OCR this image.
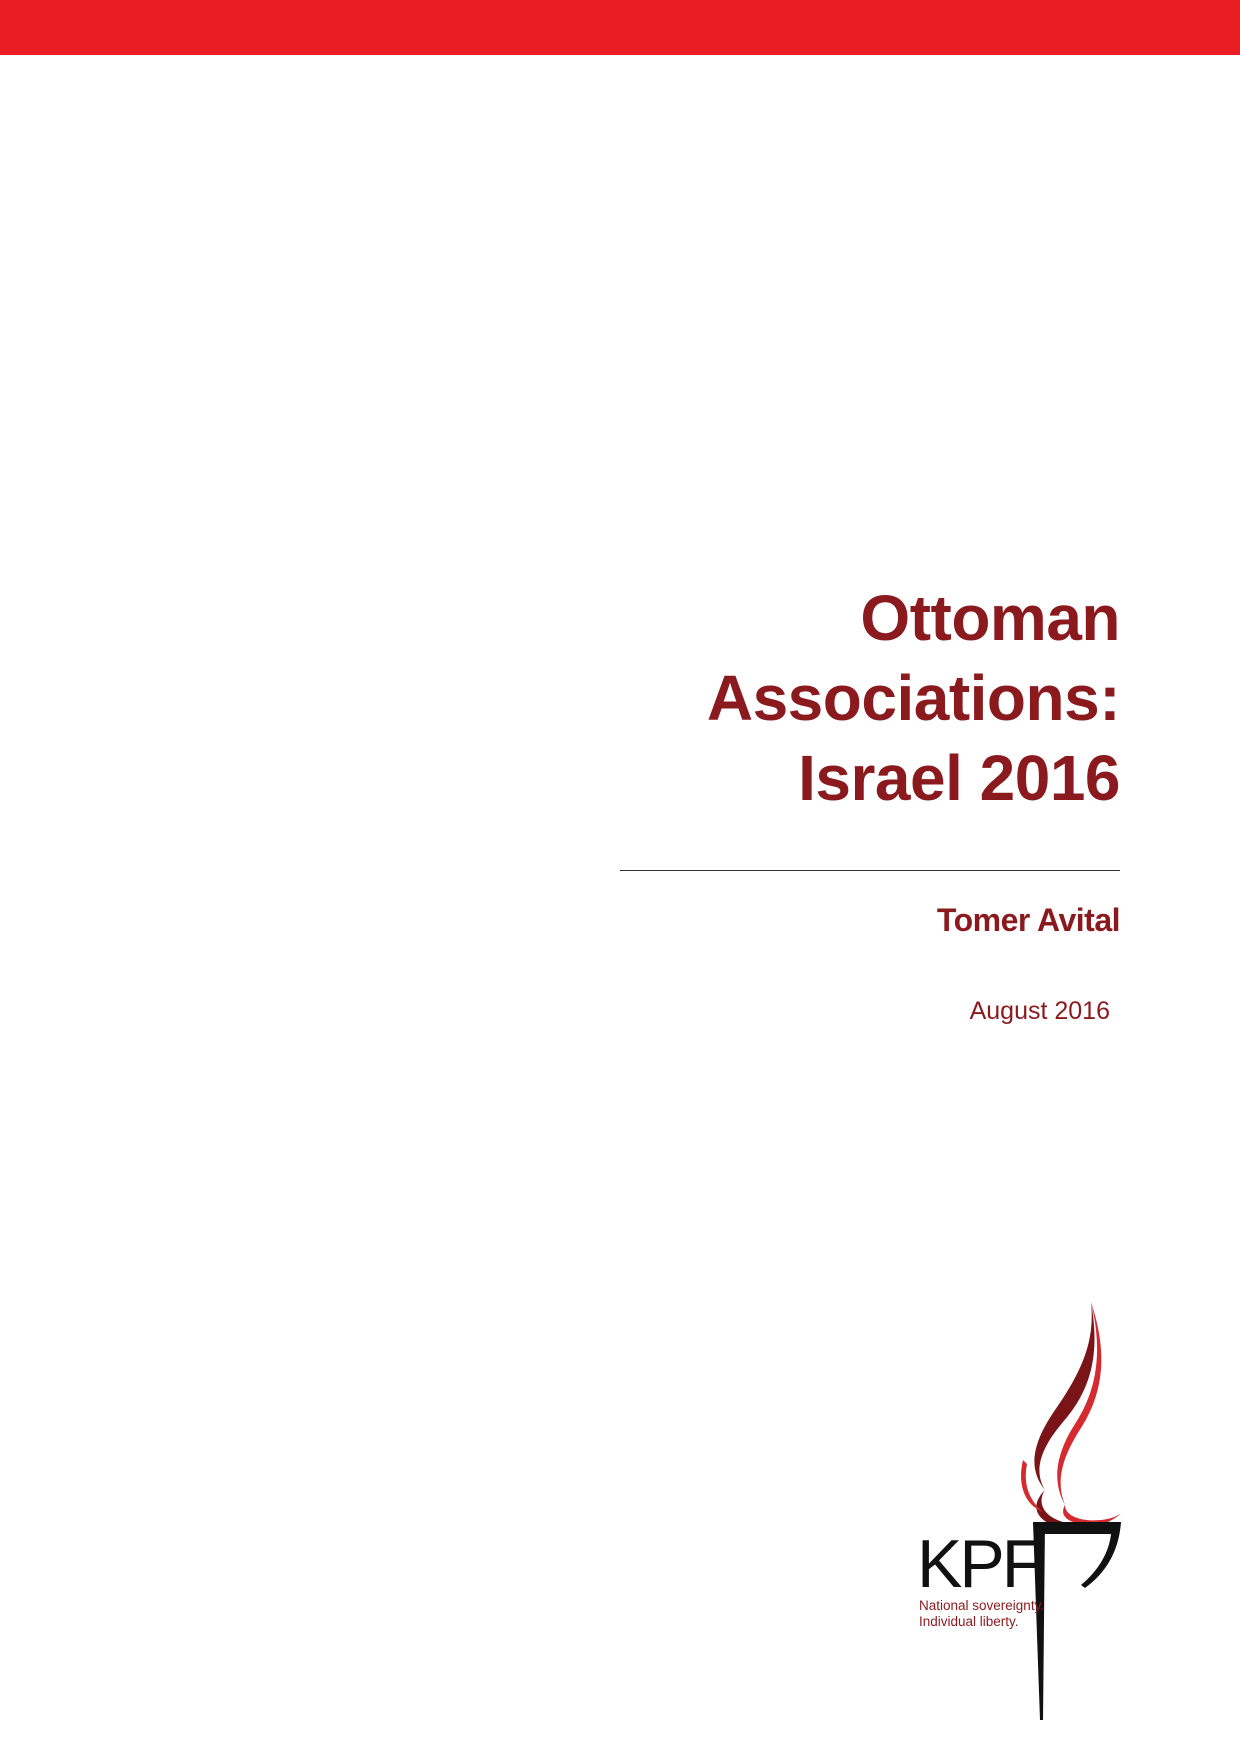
Ottoman
Associations:
Israel 2016
Tomer Avital
August 2016
KPF
National sovereignty.
Individual liberty.
